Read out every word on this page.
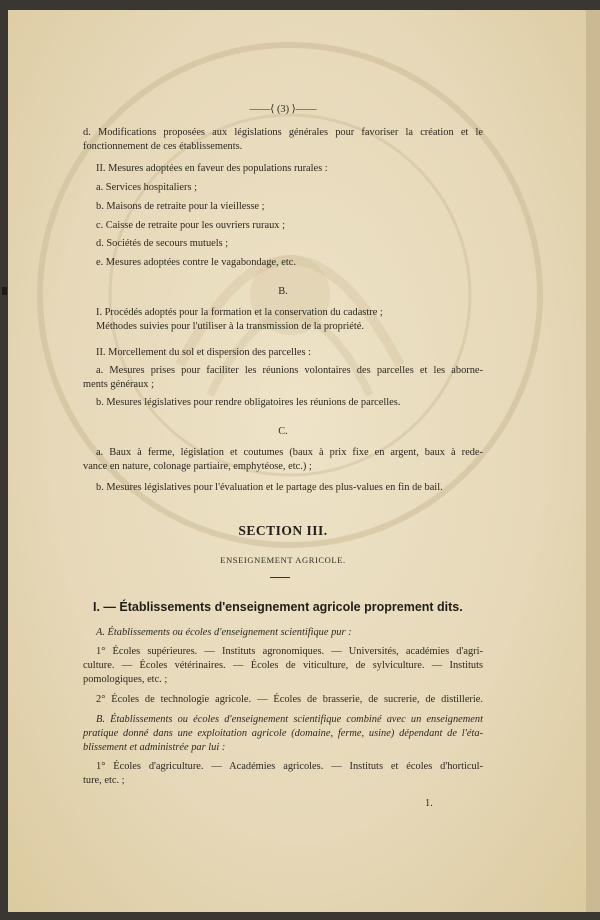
——⟨ (3) ⟩——
d. Modifications proposées aux législations générales pour favoriser la création et le
fonctionnement de ces établissements.
II. Mesures adoptées en faveur des populations rurales :
a. Services hospitaliers ;
b. Maisons de retraite pour la vieillesse ;
c. Caisse de retraite pour les ouvriers ruraux ;
d. Sociétés de secours mutuels ;
e. Mesures adoptées contre le vagabondage, etc.
B.
I. Procédés adoptés pour la formation et la conservation du cadastre ;
Méthodes suivies pour l'utiliser à la transmission de la propriété.
II. Morcellement du sol et dispersion des parcelles :
a. Mesures prises pour faciliter les réunions volontaires des parcelles et les aborne-
ments généraux ;
b. Mesures législatives pour rendre obligatoires les réunions de parcelles.
C.
a. Baux à ferme, législation et coutumes (baux à prix fixe en argent, baux à rede-
vance en nature, colonage partiaire, emphytéose, etc.) ;
b. Mesures législatives pour l'évaluation et le partage des plus-values en fin de bail.
SECTION III.
ENSEIGNEMENT AGRICOLE.
I. — Établissements d'enseignement agricole proprement dits.
A. Établissements ou écoles d'enseignement scientifique pur :
1° Écoles supérieures. — Instituts agronomiques. — Universités, académies d'agri-
culture. — Écoles vétérinaires. — Écoles de viticulture, de sylviculture. — Instituts
pomologiques, etc. ;
2° Écoles de technologie agricole. — Écoles de brasserie, de sucrerie, de distillerie.
B. Établissements ou écoles d'enseignement scientifique combiné avec un enseignement
pratique donné dans une exploitation agricole (domaine, ferme, usine) dépendant de l'éta-
blissement et administrée par lui :
1° Écoles d'agriculture. — Académies agricoles. — Instituts et écoles d'horticul-
ture, etc. ;
1.
